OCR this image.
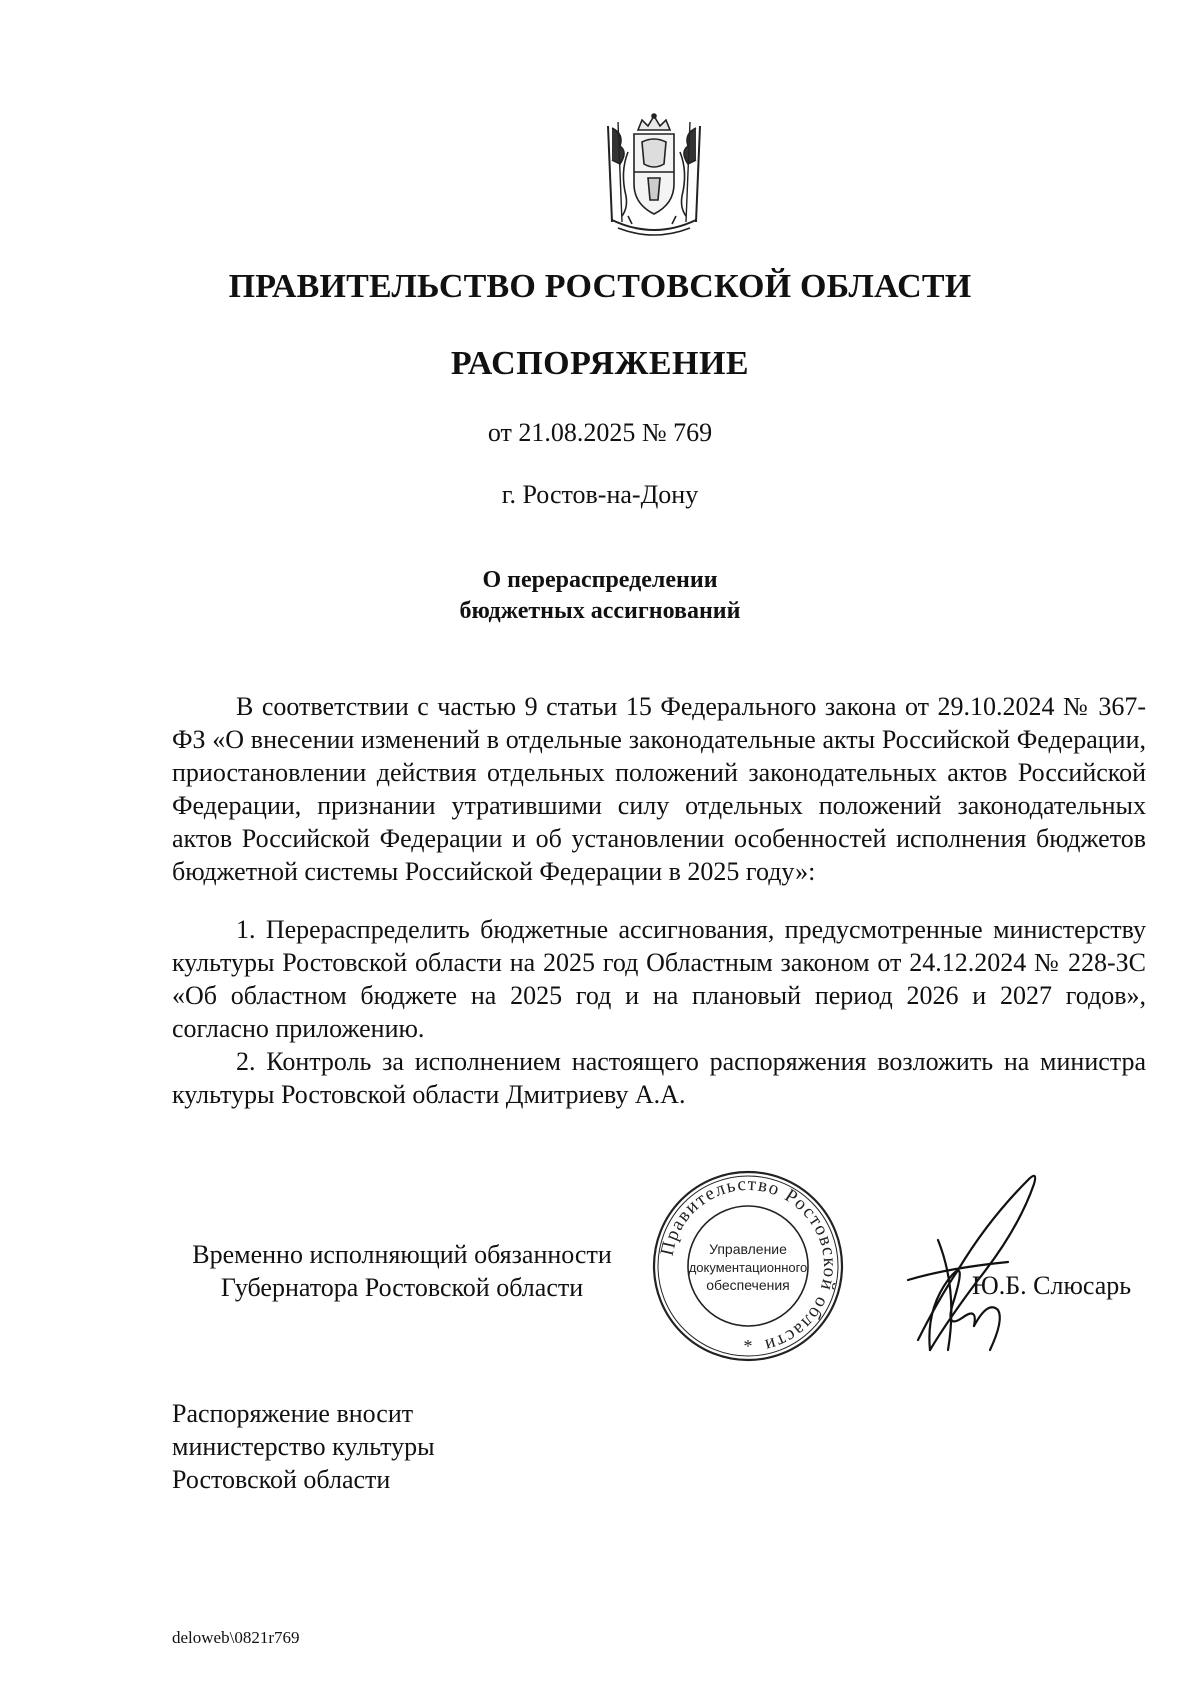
ПРАВИТЕЛЬСТВО РОСТОВСКОЙ ОБЛАСТИ
РАСПОРЯЖЕНИЕ
от 21.08.2025 № 769
г. Ростов-на-Дону
О перераспределении
бюджетных ассигнований

В соответствии с частью 9 статьи 15 Федерального закона от 29.10.2024 № 367-ФЗ «О внесении изменений в отдельные законодательные акты Российской Федерации, приостановлении действия отдельных положений законодательных актов Российской Федерации, признании утратившими силу отдельных положений законодательных актов Российской Федерации и об установлении особенностей исполнения бюджетов бюджетной системы Российской Федерации в 2025 году»:

1. Перераспределить бюджетные ассигнования, предусмотренные министерству культуры Ростовской области на 2025 год Областным законом от 24.12.2024 № 228-ЗС «Об областном бюджете на 2025 год и на плановый период 2026 и 2027 годов», согласно приложению.

2. Контроль за исполнением настоящего распоряжения возложить на министра культуры Ростовской области Дмитриеву А.А.

Временно исполняющий обязанности
Губернатора Ростовской области
Правительство Ростовской области
Управление
документационного
обеспечения
*
Ю.Б. Слюсарь
Распоряжение вносит
министерство культуры
Ростовской области
deloweb\0821r769
